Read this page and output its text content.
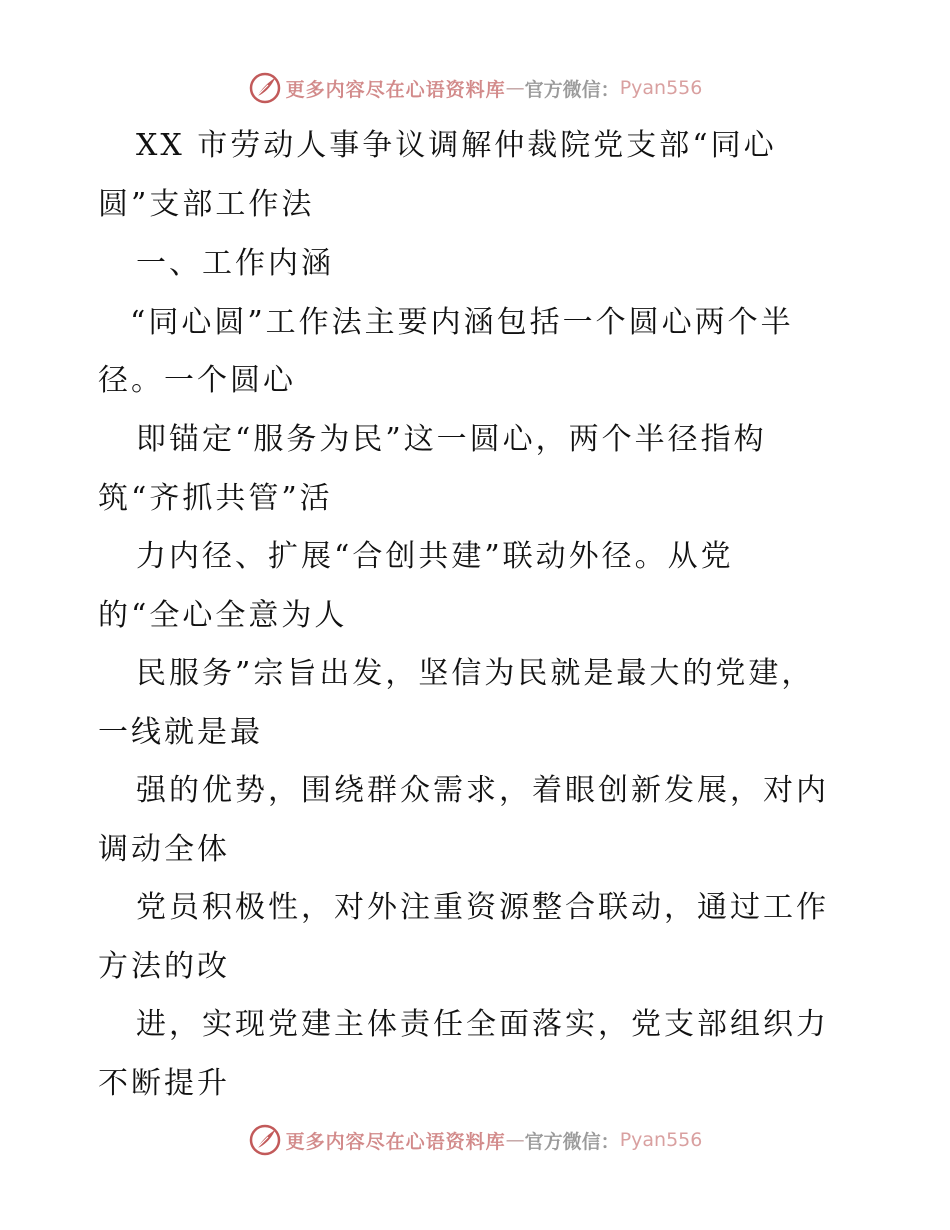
更多内容尽在心语资料库 — 官方微信： Pyan556
XX 市劳动人事争议调解仲裁院党支部“同心
圆”支部工作法
一、工作内涵
“同心圆”工作法主要内涵包括一个圆心两个半
径。一个圆心
即锚定“服务为民”这一圆心，两个半径指构
筑“齐抓共管”活
力内径、扩展“合创共建”联动外径。从党
的“全心全意为人
民服务”宗旨出发，坚信为民就是最大的党建，
一线就是最
强的优势，围绕群众需求，着眼创新发展，对内
调动全体
党员积极性，对外注重资源整合联动，通过工作
方法的改
进，实现党建主体责任全面落实，党支部组织力
不断提升
更多内容尽在心语资料库 — 官方微信： Pyan556
